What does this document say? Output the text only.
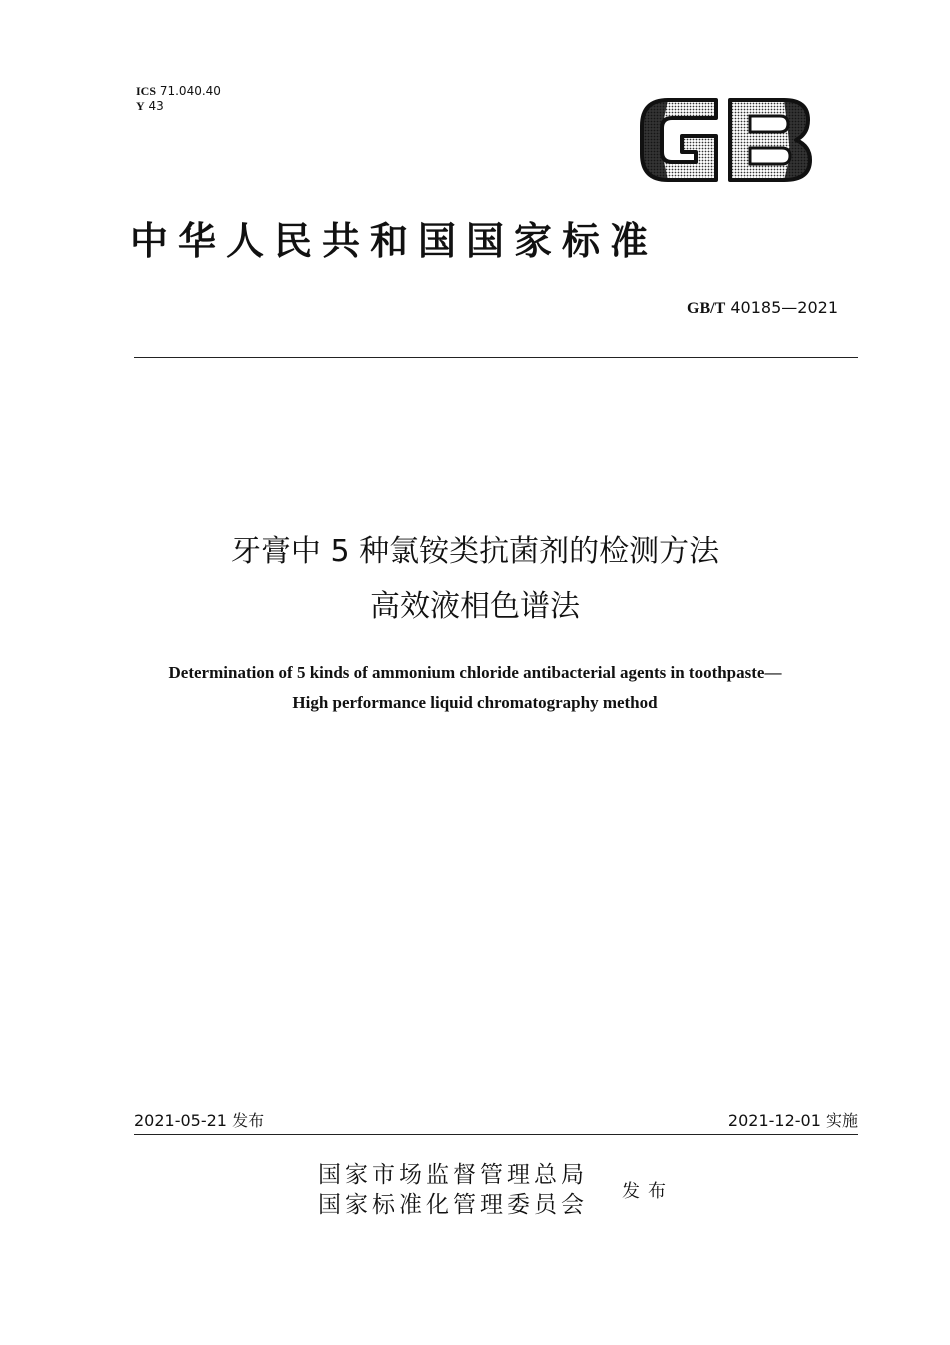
ICS 71.040.40
Y 43
中华人民共和国国家标准
GB/T 40185—2021
牙膏中 5 种氯铵类抗菌剂的检测方法
高效液相色谱法
Determination of 5 kinds of ammonium chloride antibacterial agents in toothpaste—
High performance liquid chromatography method
2021-05-21 发布	2021-12-01 实施
国家市场监督管理总局
国家标准化管理委员会
发布
